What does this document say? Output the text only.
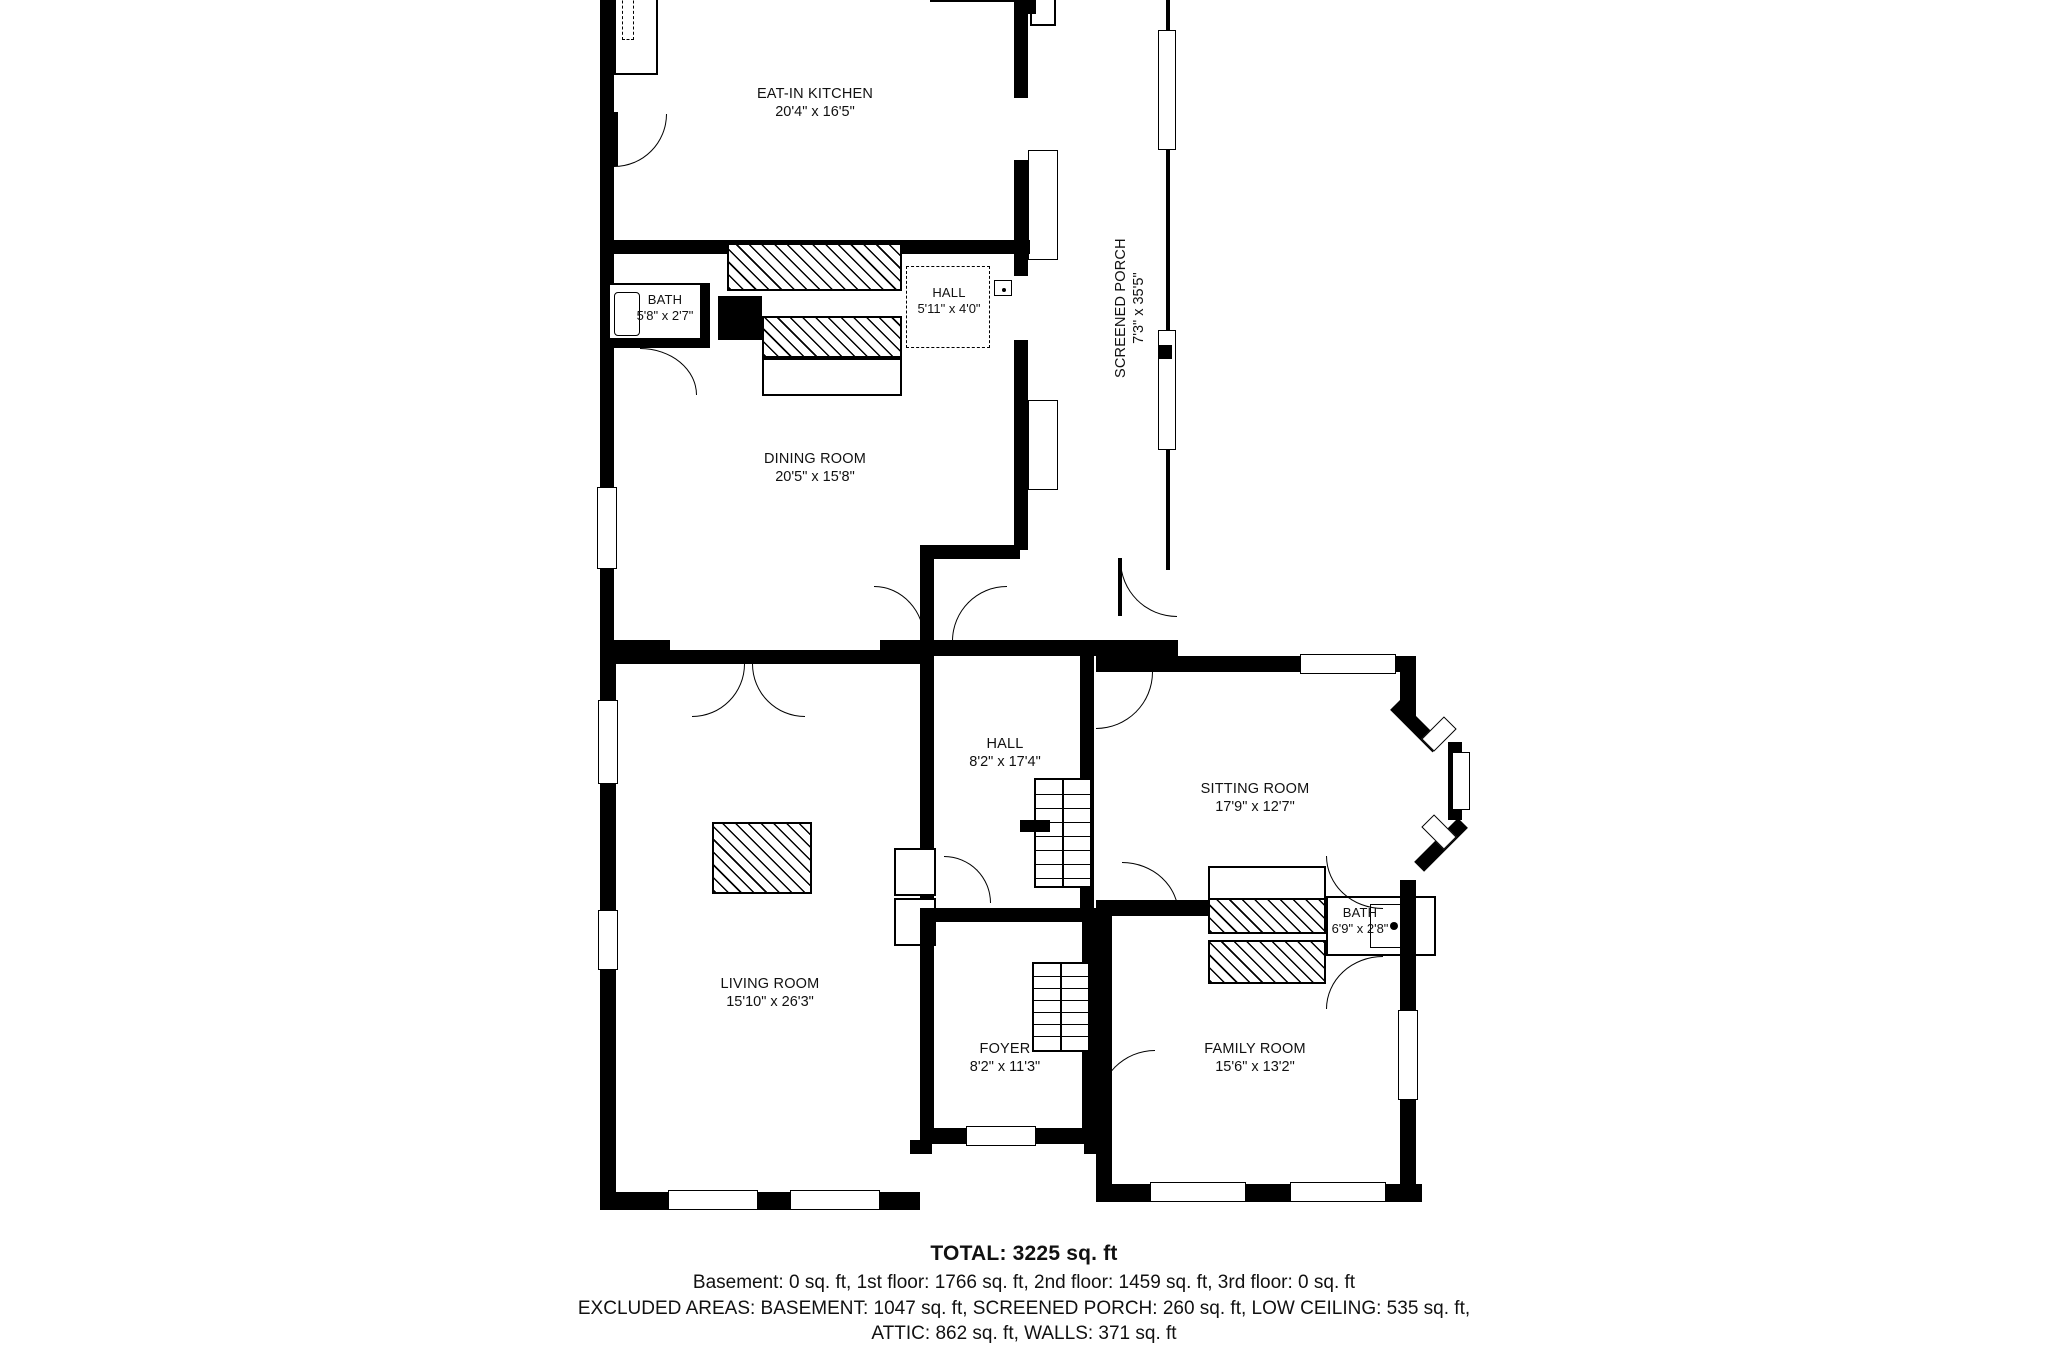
EAT-IN KITCHEN
20'4" x 16'5"
BATH
5'8" x 2'7"
HALL
5'11" x 4'0"
DINING ROOM
20'5" x 15'8"
SCREENED PORCH 7'3" x 35'5"
LIVING ROOM
15'10" x 26'3"
HALL
8'2" x 17'4"
FOYER
8'2" x 11'3"
SITTING ROOM
17'9" x 12'7"
BATH
6'9" x 2'8"
FAMILY ROOM
15'6" x 13'2"
TOTAL: 3225 sq. ft
Basement: 0 sq. ft, 1st floor: 1766 sq. ft, 2nd floor: 1459 sq. ft, 3rd floor: 0 sq. ft
EXCLUDED AREAS: BASEMENT: 1047 sq. ft, SCREENED PORCH: 260 sq. ft, LOW CEILING: 535 sq. ft,
ATTIC: 862 sq. ft, WALLS: 371 sq. ft
